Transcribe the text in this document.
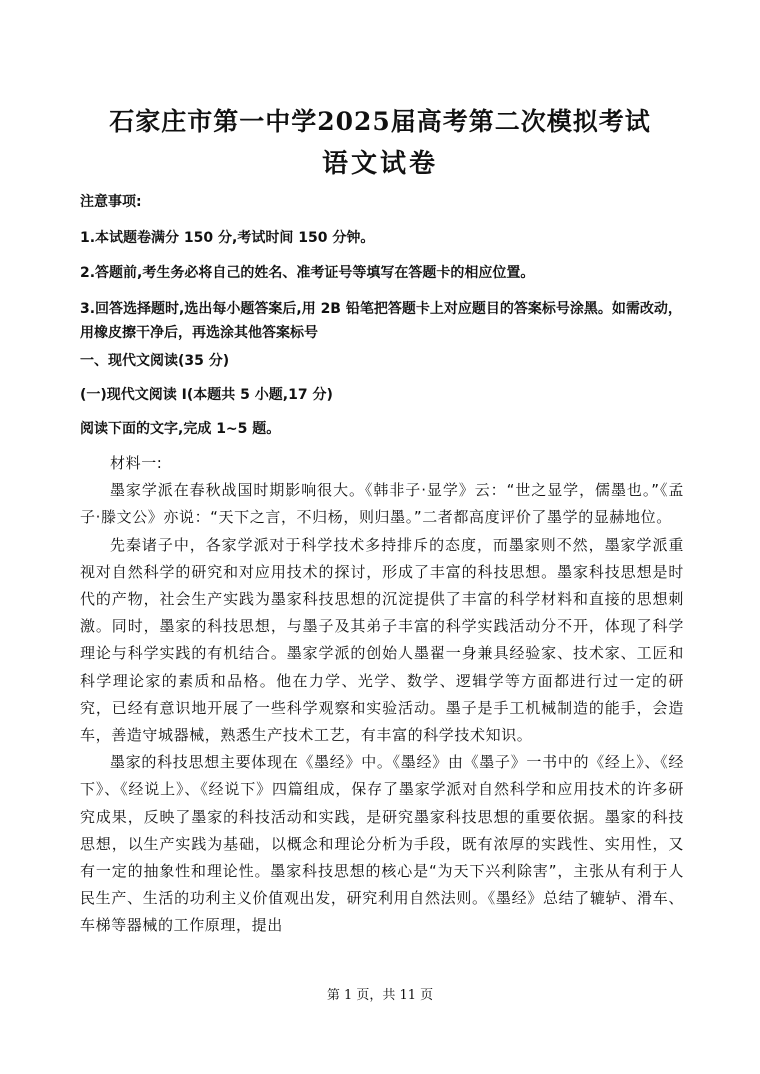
石家庄市第一中学2025届高考第二次模拟考试
语文试卷
注意事项:
1.本试题卷满分 150 分,考试时间 150 分钟。
2.答题前,考生务必将自己的姓名、准考证号等填写在答题卡的相应位置。
3.回答选择题时,选出每小题答案后,用 2B 铅笔把答题卡上对应题目的答案标号涂黑。如需改动，用橡皮擦干净后，再选涂其他答案标号
一、现代文阅读(35 分)
(一)现代文阅读 I(本题共 5 小题,17 分)
阅读下面的文字,完成 1~5 题。

材料一:

墨家学派在春秋战国时期影响很大。《韩非子·显学》云：“世之显学，儒墨也。”《孟子·滕文公》亦说：“天下之言，不归杨，则归墨。”二者都高度评价了墨学的显赫地位。

先秦诸子中，各家学派对于科学技术多持排斥的态度，而墨家则不然，墨家学派重视对自然科学的研究和对应用技术的探讨，形成了丰富的科技思想。墨家科技思想是时代的产物，社会生产实践为墨家科技思想的沉淀提供了丰富的科学材料和直接的思想刺激。同时，墨家的科技思想，与墨子及其弟子丰富的科学实践活动分不开，体现了科学理论与科学实践的有机结合。墨家学派的创始人墨翟一身兼具经验家、技术家、工匠和科学理论家的素质和品格。他在力学、光学、数学、逻辑学等方面都进行过一定的研究，已经有意识地开展了一些科学观察和实验活动。墨子是手工机械制造的能手，会造车，善造守城器械，熟悉生产技术工艺，有丰富的科学技术知识。

墨家的科技思想主要体现在《墨经》中。《墨经》由《墨子》一书中的《经上》、《经下》、《经说上》、《经说下》四篇组成，保存了墨家学派对自然科学和应用技术的许多研究成果，反映了墨家的科技活动和实践，是研究墨家科技思想的重要依据。墨家的科技思想，以生产实践为基础，以概念和理论分析为手段，既有浓厚的实践性、实用性，又有一定的抽象性和理论性。墨家科技思想的核心是“为天下兴利除害”，主张从有利于人民生产、生活的功利主义价值观出发，研究利用自然法则。《墨经》总结了辘轳、滑车、车梯等器械的工作原理，提出

第 1 页，共 11 页
